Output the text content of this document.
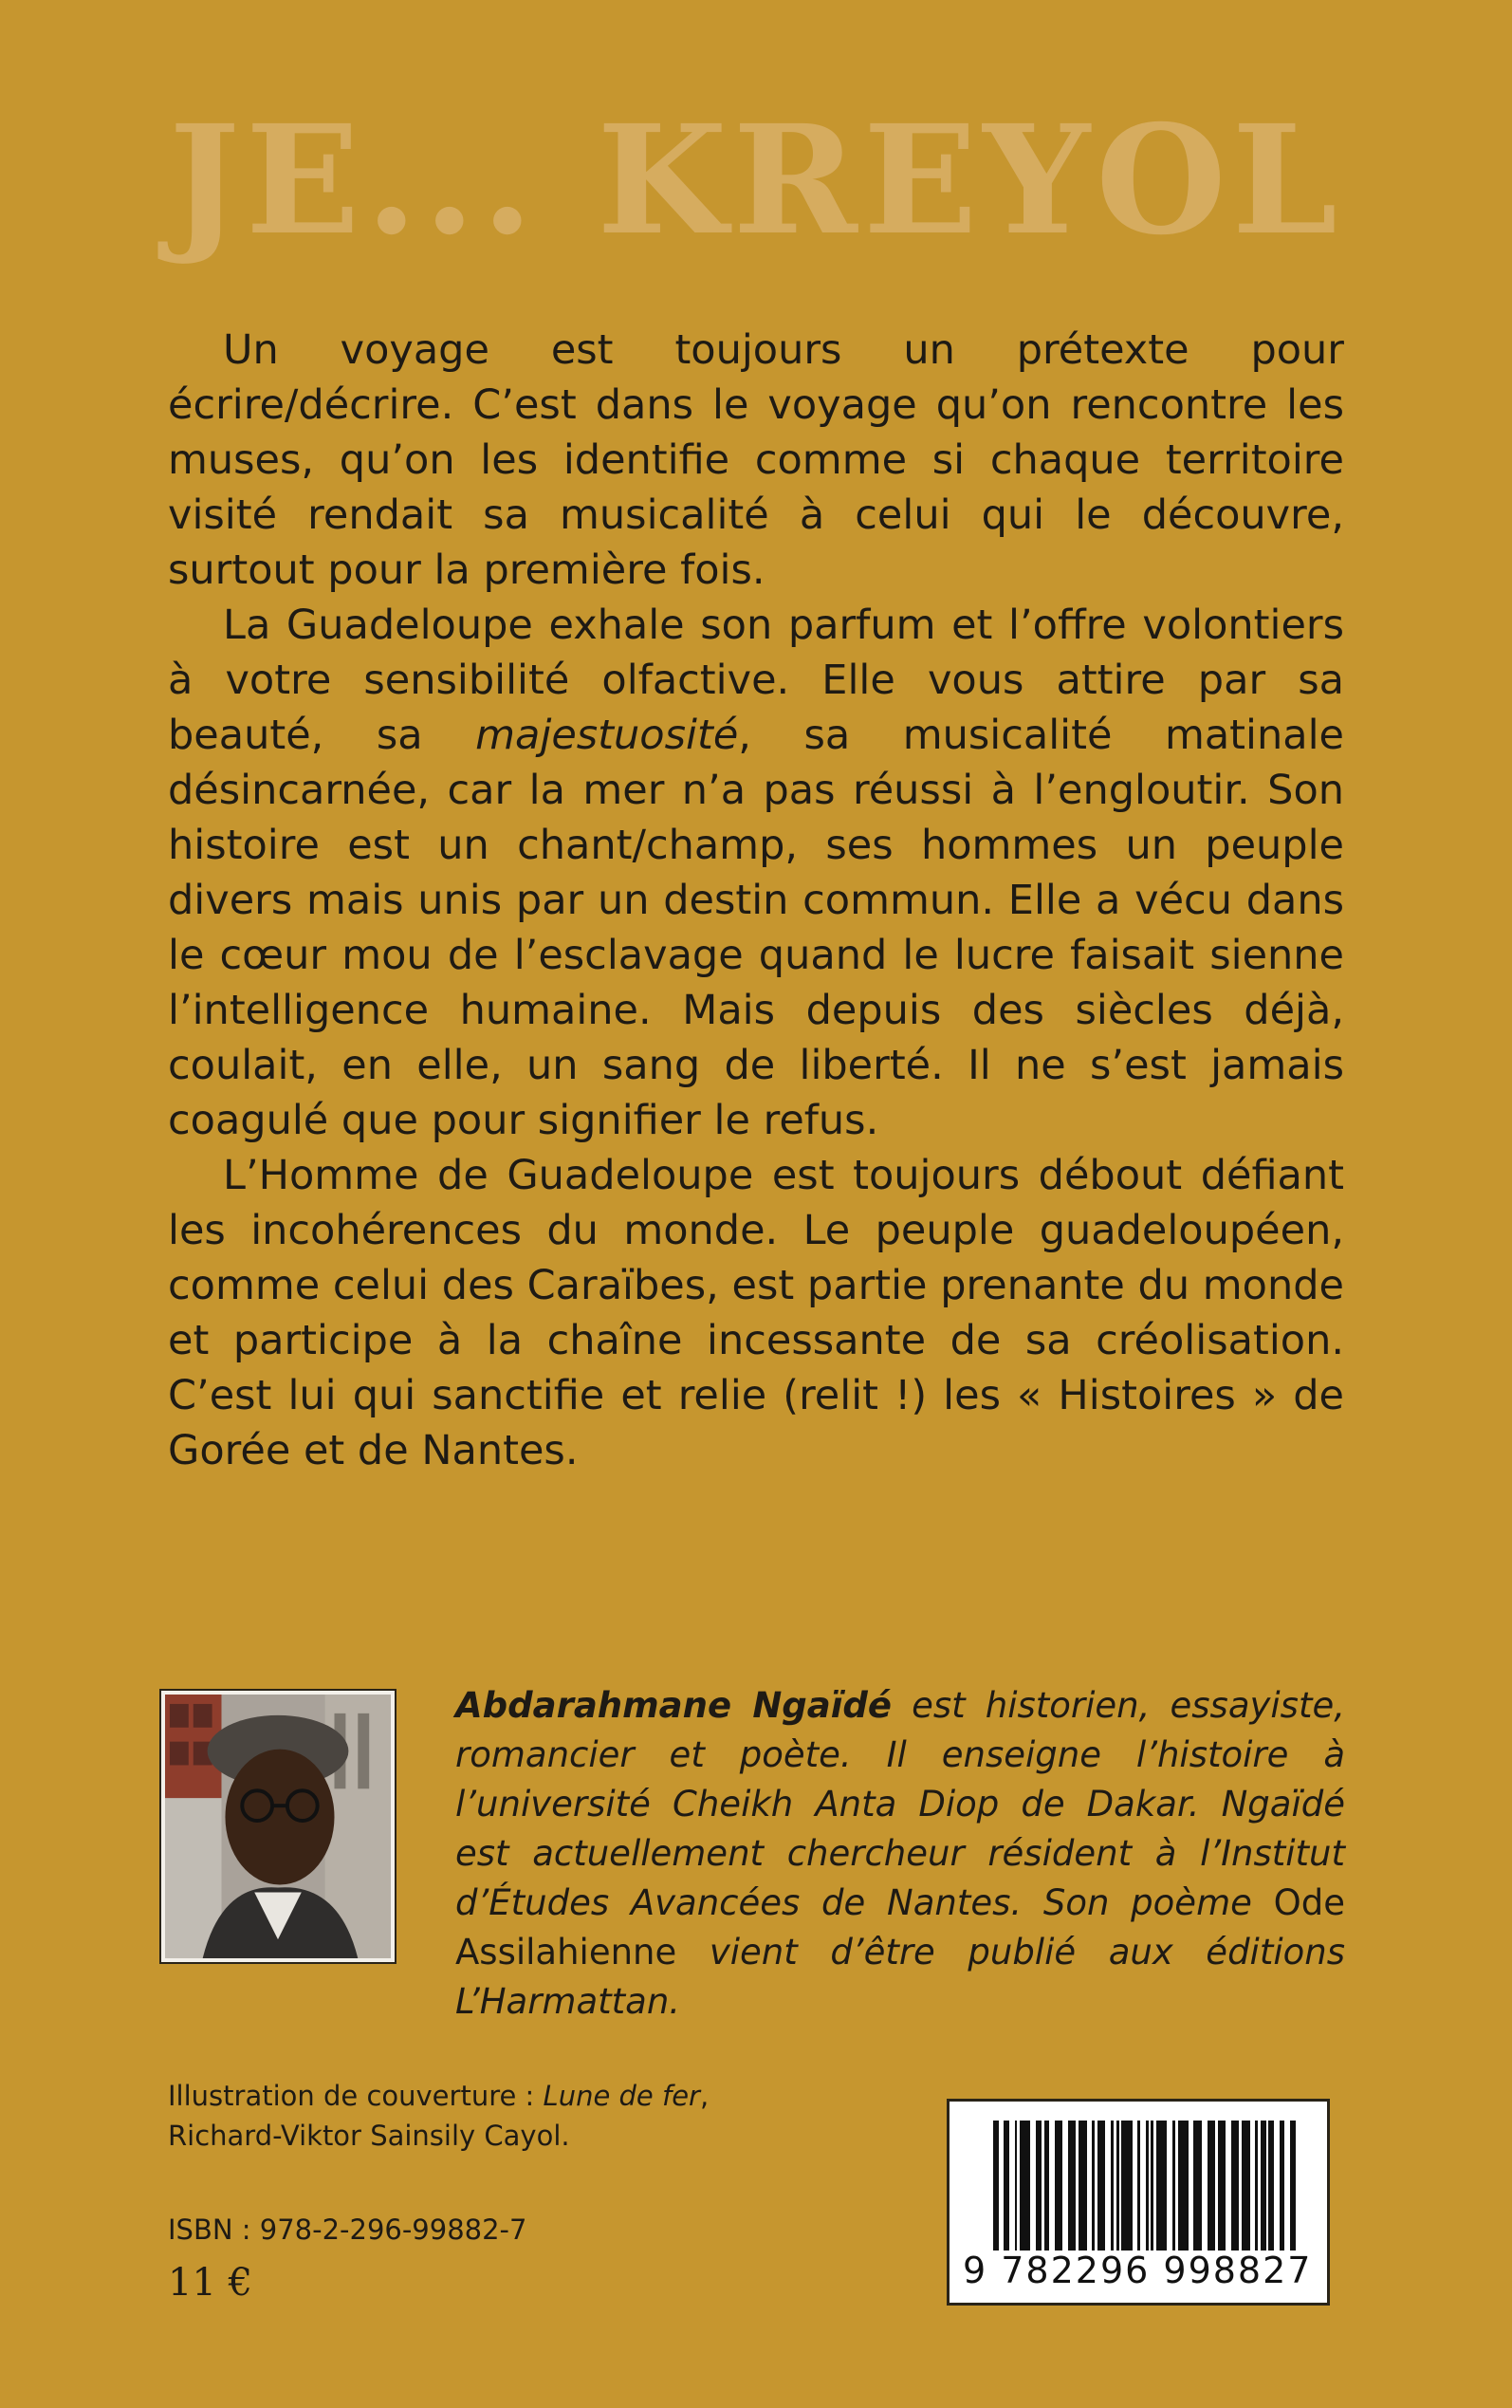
JE... KREYOL

Un voyage est toujours un prétexte pour écrire/décrire. C’est dans le voyage qu’on rencontre les muses, qu’on les identifie comme si chaque territoire visité rendait sa musicalité à celui qui le découvre, surtout pour la première fois.

La Guadeloupe exhale son parfum et l’offre volontiers à votre sensibilité olfactive. Elle vous attire par sa beauté, sa majestuosité, sa musicalité matinale désincarnée, car la mer n’a pas réussi à l’engloutir. Son histoire est un chant/champ, ses hommes un peuple divers mais unis par un destin commun. Elle a vécu dans le cœur mou de l’esclavage quand le lucre faisait sienne l’intelligence humaine. Mais depuis des siècles déjà, coulait, en elle, un sang de liberté. Il ne s’est jamais coagulé que pour signifier le refus.

L’Homme de Guadeloupe est toujours débout défiant les incohérences du monde. Le peuple guadeloupéen, comme celui des Caraïbes, est partie prenante du monde et participe à la chaîne incessante de sa créolisation. C’est lui qui sanctifie et relie (relit !) les « Histoires » de Gorée et de Nantes.

Abdarahmane Ngaïdé est historien, essayiste, romancier et poète. Il enseigne l’histoire à l’université Cheikh Anta Diop de Dakar. Ngaïdé est actuellement chercheur résident à l’Institut d’Études Avancées de Nantes. Son poème Ode Assilahienne vient d’être publié aux éditions L’Harmattan.
Illustration de couverture : Lune de fer,
Richard-Viktor Sainsily Cayol.
ISBN : 978-2-296-99882-7
11 €	9 782296 998827
